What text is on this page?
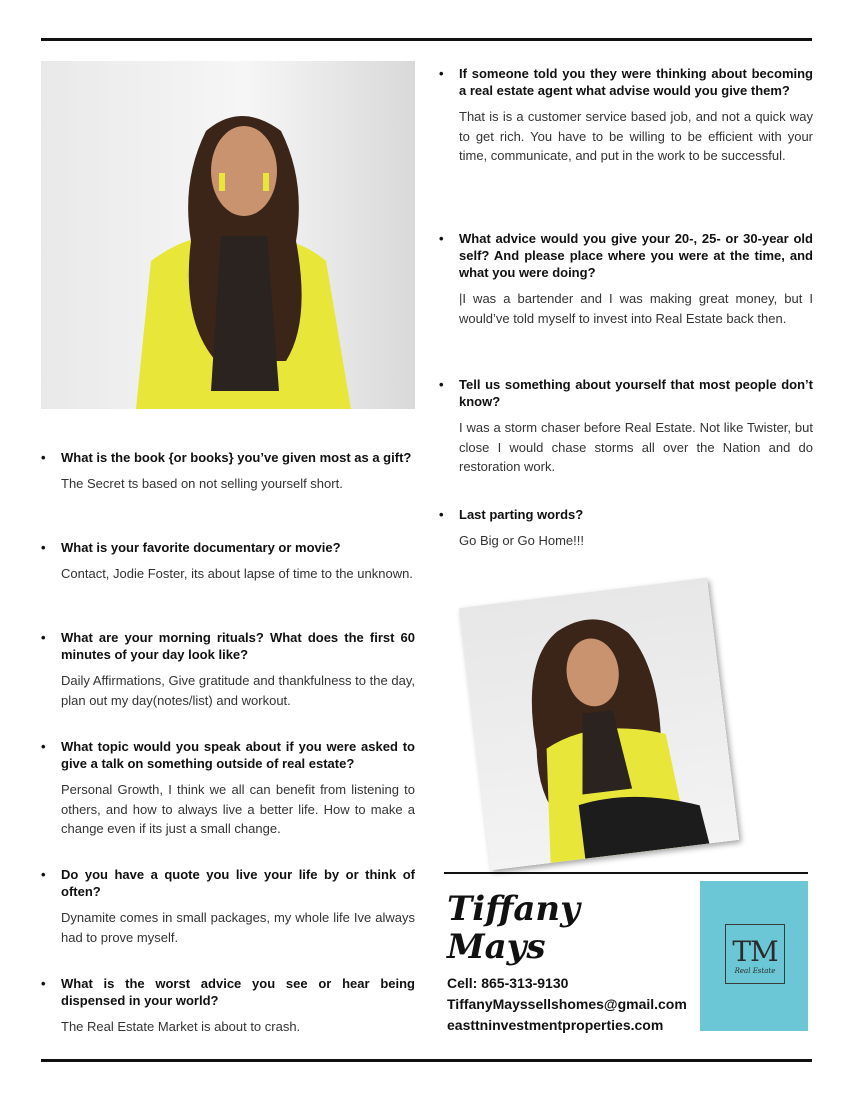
• What is the book {or books} you’ve given most as a gift?

The Secret ts based on not selling yourself short.

• What is your favorite documentary or movie?

Contact, Jodie Foster, its about lapse of time to the unknown.

• What are your morning rituals? What does the first 60 minutes of your day look like?

Daily Affirmations, Give gratitude and thankfulness to the day, plan out my day(notes/list) and workout.

• What topic would you speak about if you were asked to give a talk on something outside of real estate?

Personal Growth, I think we all can benefit from listening to others, and how to always live a better life. How to make a change even if its just a small change.

• Do you have a quote you live your life by or think of often?

Dynamite comes in small packages, my whole life Ive always had to prove myself.

• What is the worst advice you see or hear being dispensed in your world?

The Real Estate Market is about to crash.

• If someone told you they were thinking about becoming a real estate agent what advise would you give them?

That is is a customer service based job, and not a quick way to get rich. You have to be willing to be efficient with your time, communicate, and put in the work to be successful.

• What advice would you give your 20-, 25- or 30-year old self? And please place where you were at the time, and what you were doing?

|I was a bartender and I was making great money, but I would’ve told myself to invest into Real Estate back then.

• Tell us something about yourself that most people don’t know?

I was a storm chaser before Real Estate. Not like Twister, but close I would chase storms all over the Nation and do restoration work.

• Last parting words?

Go Big or Go Home!!!

Tiffany
Mays

Cell: 865-313-9130

TiffanyMayssellshomes@gmail.com

easttninvestmentproperties.com

TM
Real Estate
